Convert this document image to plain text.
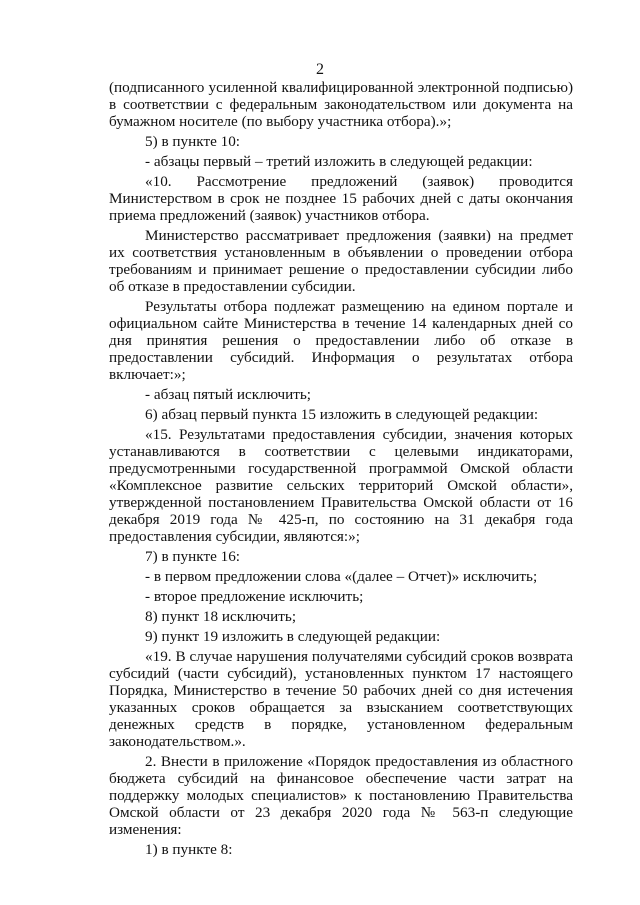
2

(подписанного усиленной квалифицированной электронной подписью) в соответствии с федеральным законодательством или документа на бумажном носителе (по выбору участника отбора).»;

5) в пункте 10:

- абзацы первый – третий изложить в следующей редакции:

«10. Рассмотрение предложений (заявок) проводится Министерством в срок не позднее 15 рабочих дней с даты окончания приема предложений (заявок) участников отбора.

Министерство рассматривает предложения (заявки) на предмет их соответствия установленным в объявлении о проведении отбора требованиям и принимает решение о предоставлении субсидии либо об отказе в предоставлении субсидии.

Результаты отбора подлежат размещению на едином портале и официальном сайте Министерства в течение 14 календарных дней со дня принятия решения о предоставлении либо об отказе в предоставлении субсидий. Информация о результатах отбора включает:»;

- абзац пятый исключить;

6) абзац первый пункта 15 изложить в следующей редакции:

«15. Результатами предоставления субсидии, значения которых устанавливаются в соответствии с целевыми индикаторами, предусмотренными государственной программой Омской области «Комплексное развитие сельских территорий Омской области», утвержденной постановлением Правительства Омской области от 16 декабря 2019 года № 425-п, по состоянию на 31 декабря года предоставления субсидии, являются:»;

7) в пункте 16:

- в первом предложении слова «(далее – Отчет)» исключить;

- второе предложение исключить;

8) пункт 18 исключить;

9) пункт 19 изложить в следующей редакции:

«19. В случае нарушения получателями субсидий сроков возврата субсидий (части субсидий), установленных пунктом 17 настоящего Порядка, Министерство в течение 50 рабочих дней со дня истечения указанных сроков обращается за взысканием соответствующих денежных средств в порядке, установленном федеральным законодательством.».

2. Внести в приложение «Порядок предоставления из областного бюджета субсидий на финансовое обеспечение части затрат на поддержку молодых специалистов» к постановлению Правительства Омской области от 23 декабря 2020 года № 563-п следующие изменения:

1) в пункте 8:
